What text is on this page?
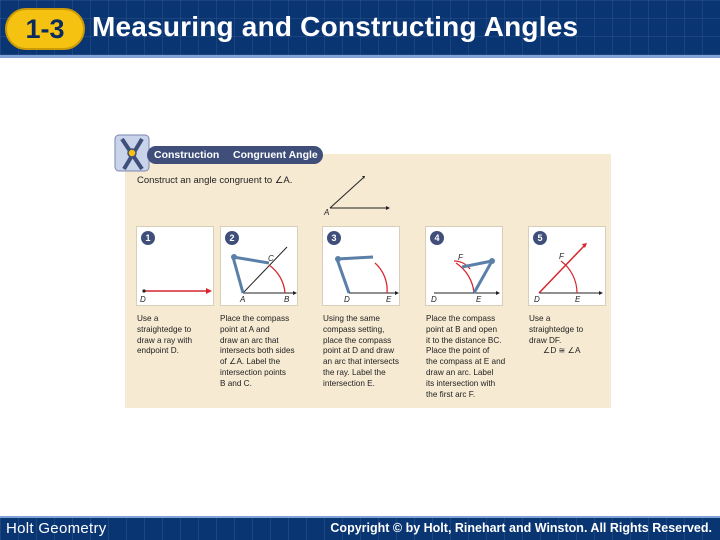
1-3 Measuring and Constructing Angles
Construction Congruent Angle
Construct an angle congruent to ∠A.
A
1
D
2
C
A	B
3
D	E
4
F
D	E
5
F
D	E
Use a
straightedge to
draw a ray with
endpoint D.
Place the compass
point at A and
draw an arc that
intersects both sides
of ∠A. Label the
intersection points
B and C.
Using the same
compass setting,
place the compass
point at D and draw
an arc that intersects
the ray. Label the
intersection E.
Place the compass
point at B and open
it to the distance BC.
Place the point of
the compass at E and
draw an arc. Label
its intersection with
the first arc F.
Use a
straightedge to
draw DF.
∠D ≅ ∠A
Holt Geometry	Copyright © by Holt, Rinehart and Winston. All Rights Reserved.
